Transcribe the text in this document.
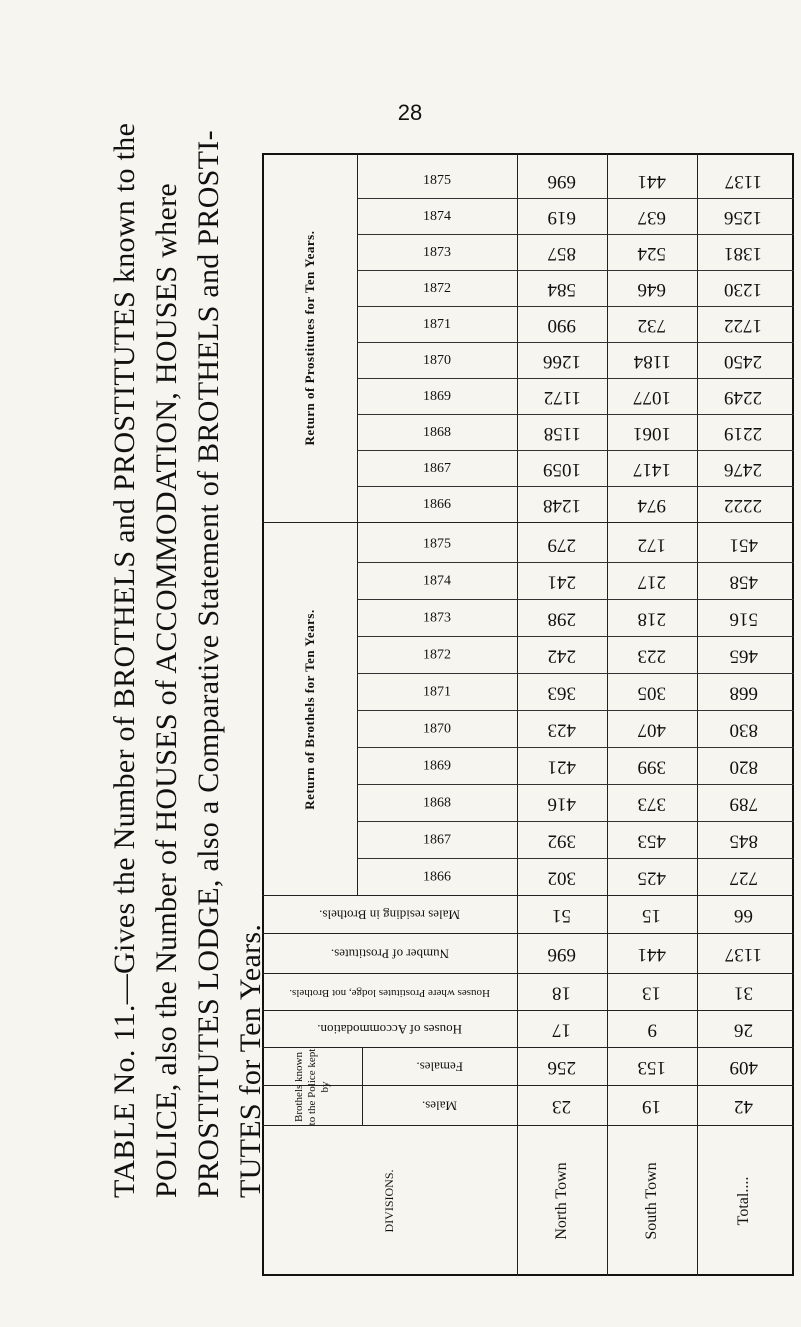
28
TABLE No. 11.—Gives the Number of BROTHELS and PROSTITUTES known to the POLICE, also the Number of HOUSES of ACCOMMODATION, HOUSES where PROSTITUTES LODGE, also a Comparative Statement of BROTHELS and PROSTI- TUTES for Ten Years.
DIVISIONS.
Brothels known to the Police kept by
Males.
Females.
Houses of Accommodation.
Houses where Prostitutes lodge, not Brothels.
Number of Prostitutes.
Males residing in Brothels.
Return of Brothels for Ten Years.
Return of Prostitutes for Ten Years.
1866
1866
1867
1867
1868
1868
1869
1869
1870
1870
1871
1871
1872
1872
1873
1873
1874
1874
1875
1875
North Town
23
256
17
18
696
51
302
392
416
421
423
363
242
298
241
279
1248
1059
1158
1172
1266
990
584
857
619
696
South Town
19
153
9
13
441
15
425
453
373
399
407
305
223
218
217
172
974
1417
1061
1077
1184
732
646
524
637
441
Total....
42
409
26
31
1137
66
727
845
789
820
830
668
465
516
458
451
2222
2476
2219
2249
2450
1722
1230
1381
1256
1137
